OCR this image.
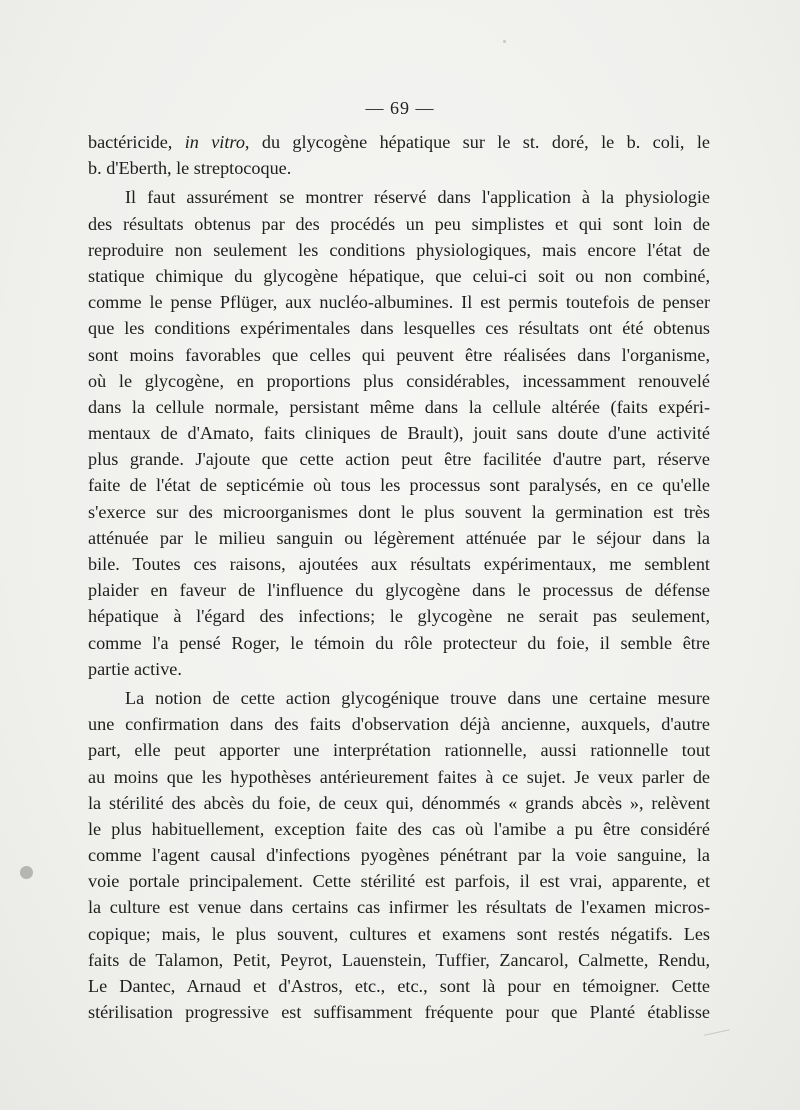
— 69 —
bactéricide, in vitro, du glycogène hépatique sur le st. doré, le b. coli, le
b. d'Eberth, le streptocoque.
Il faut assurément se montrer réservé dans l'application à la physiologie
des résultats obtenus par des procédés un peu simplistes et qui sont loin de
reproduire non seulement les conditions physiologiques, mais encore l'état de
statique chimique du glycogène hépatique, que celui-ci soit ou non combiné,
comme le pense Pflüger, aux nucléo-albumines. Il est permis toutefois de penser
que les conditions expérimentales dans lesquelles ces résultats ont été obtenus
sont moins favorables que celles qui peuvent être réalisées dans l'organisme,
où le glycogène, en proportions plus considérables, incessamment renouvelé
dans la cellule normale, persistant même dans la cellule altérée (faits expéri-
mentaux de d'Amato, faits cliniques de Brault), jouit sans doute d'une activité
plus grande. J'ajoute que cette action peut être facilitée d'autre part, réserve
faite de l'état de septicémie où tous les processus sont paralysés, en ce qu'elle
s'exerce sur des microorganismes dont le plus souvent la germination est très
atténuée par le milieu sanguin ou légèrement atténuée par le séjour dans la
bile. Toutes ces raisons, ajoutées aux résultats expérimentaux, me semblent
plaider en faveur de l'influence du glycogène dans le processus de défense
hépatique à l'égard des infections; le glycogène ne serait pas seulement,
comme l'a pensé Roger, le témoin du rôle protecteur du foie, il semble être
partie active.
La notion de cette action glycogénique trouve dans une certaine mesure
une confirmation dans des faits d'observation déjà ancienne, auxquels, d'autre
part, elle peut apporter une interprétation rationnelle, aussi rationnelle tout
au moins que les hypothèses antérieurement faites à ce sujet. Je veux parler de
la stérilité des abcès du foie, de ceux qui, dénommés « grands abcès », relèvent
le plus habituellement, exception faite des cas où l'amibe a pu être considéré
comme l'agent causal d'infections pyogènes pénétrant par la voie sanguine, la
voie portale principalement. Cette stérilité est parfois, il est vrai, apparente, et
la culture est venue dans certains cas infirmer les résultats de l'examen micros-
copique; mais, le plus souvent, cultures et examens sont restés négatifs. Les
faits de Talamon, Petit, Peyrot, Lauenstein, Tuffier, Zancarol, Calmette, Rendu,
Le Dantec, Arnaud et d'Astros, etc., etc., sont là pour en témoigner. Cette
stérilisation progressive est suffisamment fréquente pour que Planté établisse
